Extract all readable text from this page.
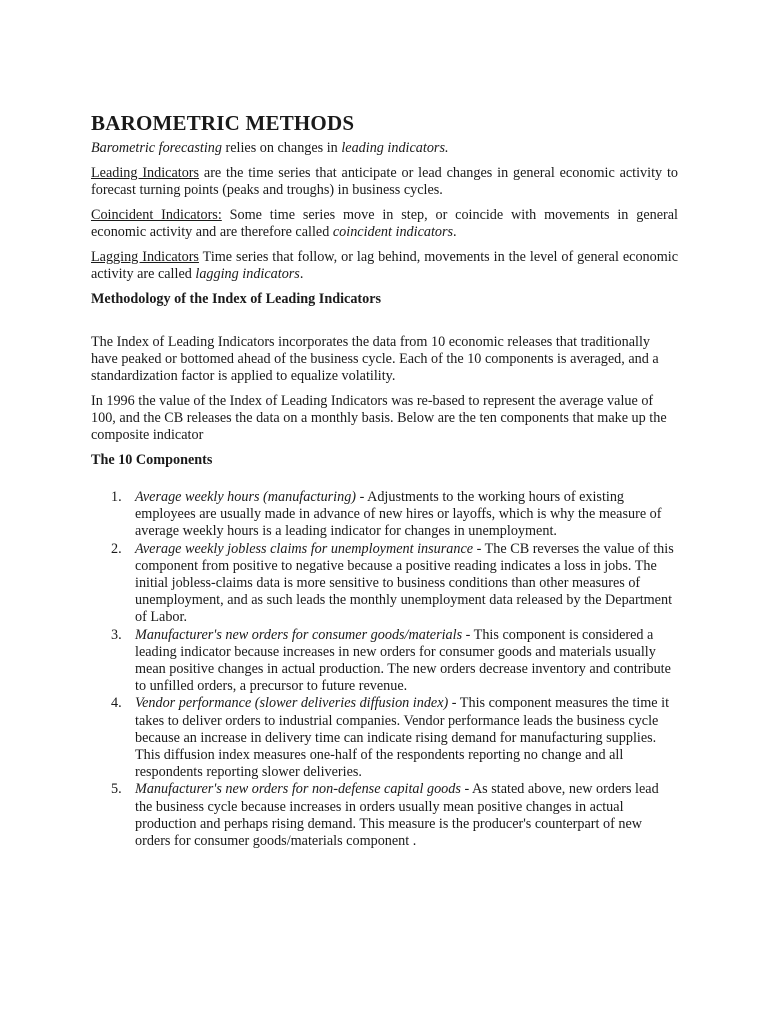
BAROMETRIC METHODS

Barometric forecasting relies on changes in leading indicators.

Leading Indicators are the time series that anticipate or lead changes in general economic activity to forecast turning points (peaks and troughs) in business cycles.

Coincident Indicators: Some time series move in step, or coincide with movements in general economic activity and are therefore called coincident indicators.

Lagging Indicators Time series that follow, or lag behind, movements in the level of general economic activity are called lagging indicators.

Methodology of the Index of Leading Indicators

The Index of Leading Indicators incorporates the data from 10 economic releases that traditionally have peaked or bottomed ahead of the business cycle. Each of the 10 components is averaged, and a standardization factor is applied to equalize volatility.

In 1996 the value of the Index of Leading Indicators was re-based to represent the average value of 100, and the CB releases the data on a monthly basis. Below are the ten components that make up the composite indicator

The 10 Components
1. Average weekly hours (manufacturing) - Adjustments to the working hours of existing employees are usually made in advance of new hires or layoffs, which is why the measure of average weekly hours is a leading indicator for changes in unemployment.
2. Average weekly jobless claims for unemployment insurance - The CB reverses the value of this component from positive to negative because a positive reading indicates a loss in jobs. The initial jobless-claims data is more sensitive to business conditions than other measures of unemployment, and as such leads the monthly unemployment data released by the Department of Labor.
3. Manufacturer's new orders for consumer goods/materials - This component is considered a leading indicator because increases in new orders for consumer goods and materials usually mean positive changes in actual production. The new orders decrease inventory and contribute to unfilled orders, a precursor to future revenue.
4. Vendor performance (slower deliveries diffusion index) - This component measures the time it takes to deliver orders to industrial companies. Vendor performance leads the business cycle because an increase in delivery time can indicate rising demand for manufacturing supplies. This diffusion index measures one-half of the respondents reporting no change and all respondents reporting slower deliveries.
5. Manufacturer's new orders for non-defense capital goods - As stated above, new orders lead the business cycle because increases in orders usually mean positive changes in actual production and perhaps rising demand. This measure is the producer's counterpart of new orders for consumer goods/materials component .
